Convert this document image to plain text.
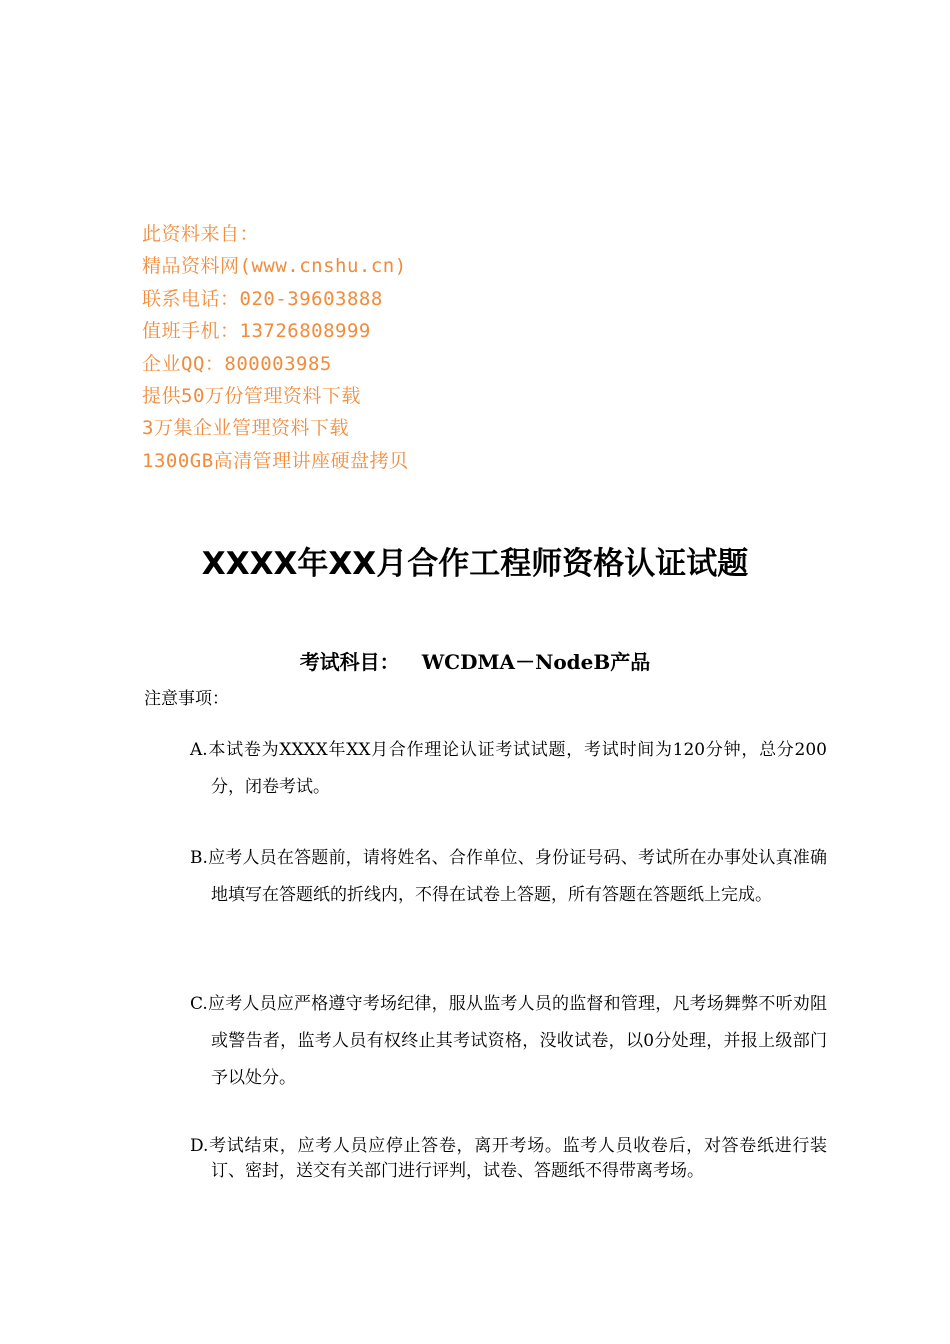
此资料来自：
精品资料网(www.cnshu.cn)
联系电话：020-39603888
值班手机：13726808999
企业QQ：800003985
提供50万份管理资料下载
3万集企业管理资料下载
1300GB高清管理讲座硬盘拷贝
XXXX年XX月合作工程师资格认证试题
考试科目： WCDMA－NodeB产品
注意事项：
A.本试卷为XXXX年XX月合作理论认证考试试题，考试时间为120分钟，总分200分，闭卷考试。
B.应考人员在答题前，请将姓名、合作单位、身份证号码、考试所在办事处认真准确地填写在答题纸的折线内，不得在试卷上答题，所有答题在答题纸上完成。
C.应考人员应严格遵守考场纪律，服从监考人员的监督和管理，凡考场舞弊不听劝阻或警告者，监考人员有权终止其考试资格，没收试卷，以0分处理，并报上级部门予以处分。
D.考试结束，应考人员应停止答卷，离开考场。监考人员收卷后，对答卷纸进行装订、密封，送交有关部门进行评判，试卷、答题纸不得带离考场。
